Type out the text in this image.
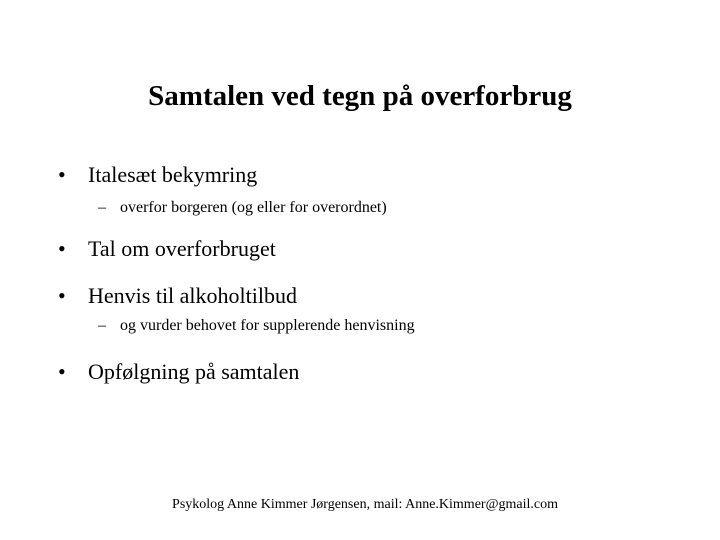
Samtalen ved tegn på overforbrug
• Italesæt bekymring
– overfor borgeren (og eller for overordnet)
• Tal om overforbruget
• Henvis til alkoholtilbud
– og vurder behovet for supplerende henvisning
• Opfølgning på samtalen
Psykolog Anne Kimmer Jørgensen, mail: Anne.Kimmer@gmail.com
